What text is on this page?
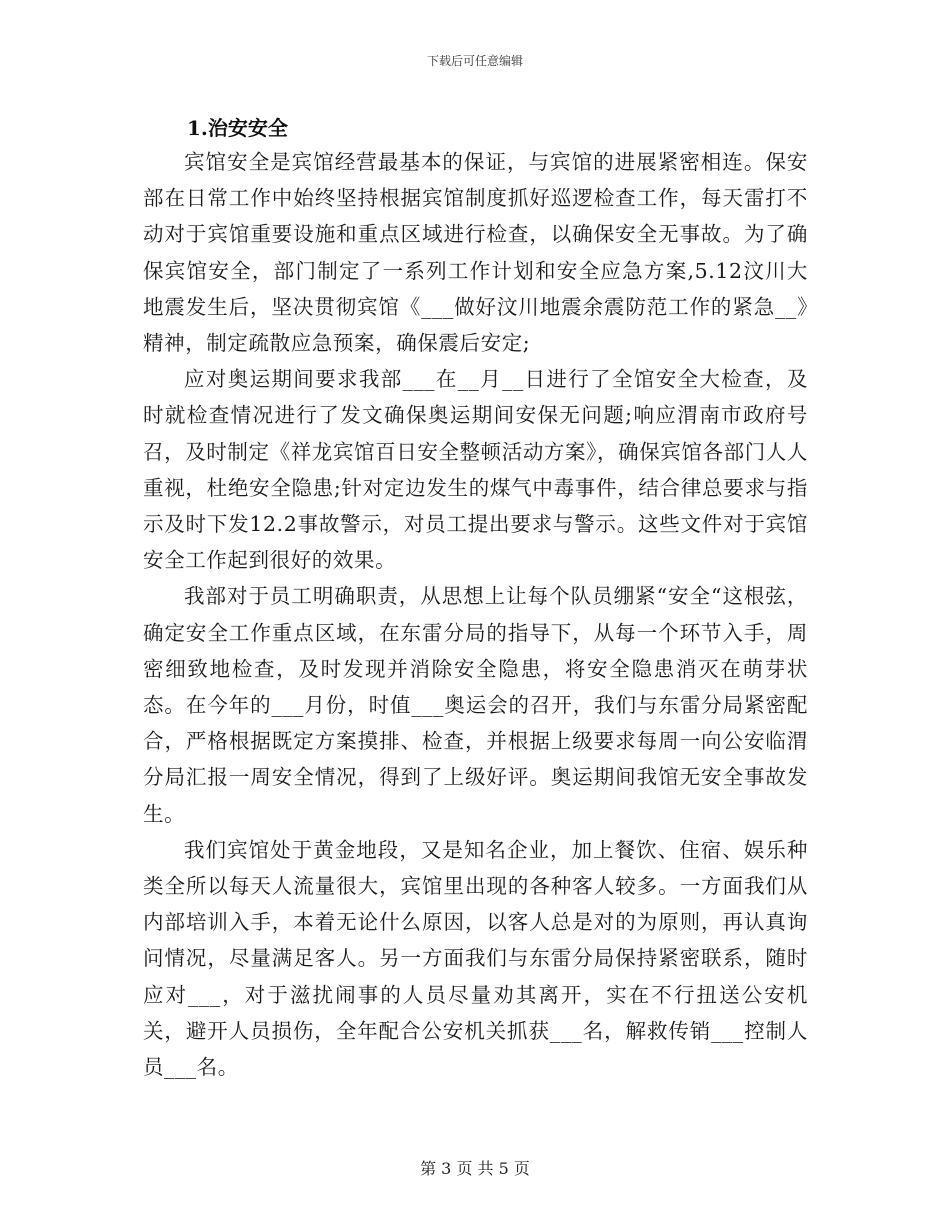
下载后可任意编辑
1.治安安全

宾馆安全是宾馆经营最基本的保证，与宾馆的进展紧密相连。保安部在日常工作中始终坚持根据宾馆制度抓好巡逻检查工作，每天雷打不动对于宾馆重要设施和重点区域进行检查，以确保安全无事故。为了确保宾馆安全，部门制定了一系列工作计划和安全应急方案,5.12汶川大地震发生后，坚决贯彻宾馆《___做好汶川地震余震防范工作的紧急__》精神，制定疏散应急预案，确保震后安定;

应对奥运期间要求我部___在__月__日进行了全馆安全大检查，及时就检查情况进行了发文确保奥运期间安保无问题;响应渭南市政府号召，及时制定《祥龙宾馆百日安全整顿活动方案》，确保宾馆各部门人人重视，杜绝安全隐患;针对定边发生的煤气中毒事件，结合律总要求与指示及时下发12.2事故警示，对员工提出要求与警示。这些文件对于宾馆安全工作起到很好的效果。

我部对于员工明确职责，从思想上让每个队员绷紧“安全“这根弦，确定安全工作重点区域，在东雷分局的指导下，从每一个环节入手，周密细致地检查，及时发现并消除安全隐患，将安全隐患消灭在萌芽状态。在今年的___月份，时值___奥运会的召开，我们与东雷分局紧密配合，严格根据既定方案摸排、检查，并根据上级要求每周一向公安临渭分局汇报一周安全情况，得到了上级好评。奥运期间我馆无安全事故发生。

我们宾馆处于黄金地段，又是知名企业，加上餐饮、住宿、娱乐种类全所以每天人流量很大，宾馆里出现的各种客人较多。一方面我们从内部培训入手，本着无论什么原因，以客人总是对的为原则，再认真询问情况，尽量满足客人。另一方面我们与东雷分局保持紧密联系，随时应对___，对于滋扰闹事的人员尽量劝其离开，实在不行扭送公安机关，避开人员损伤，全年配合公安机关抓获___名，解救传销___控制人员___名。

第 3 页 共 5 页
